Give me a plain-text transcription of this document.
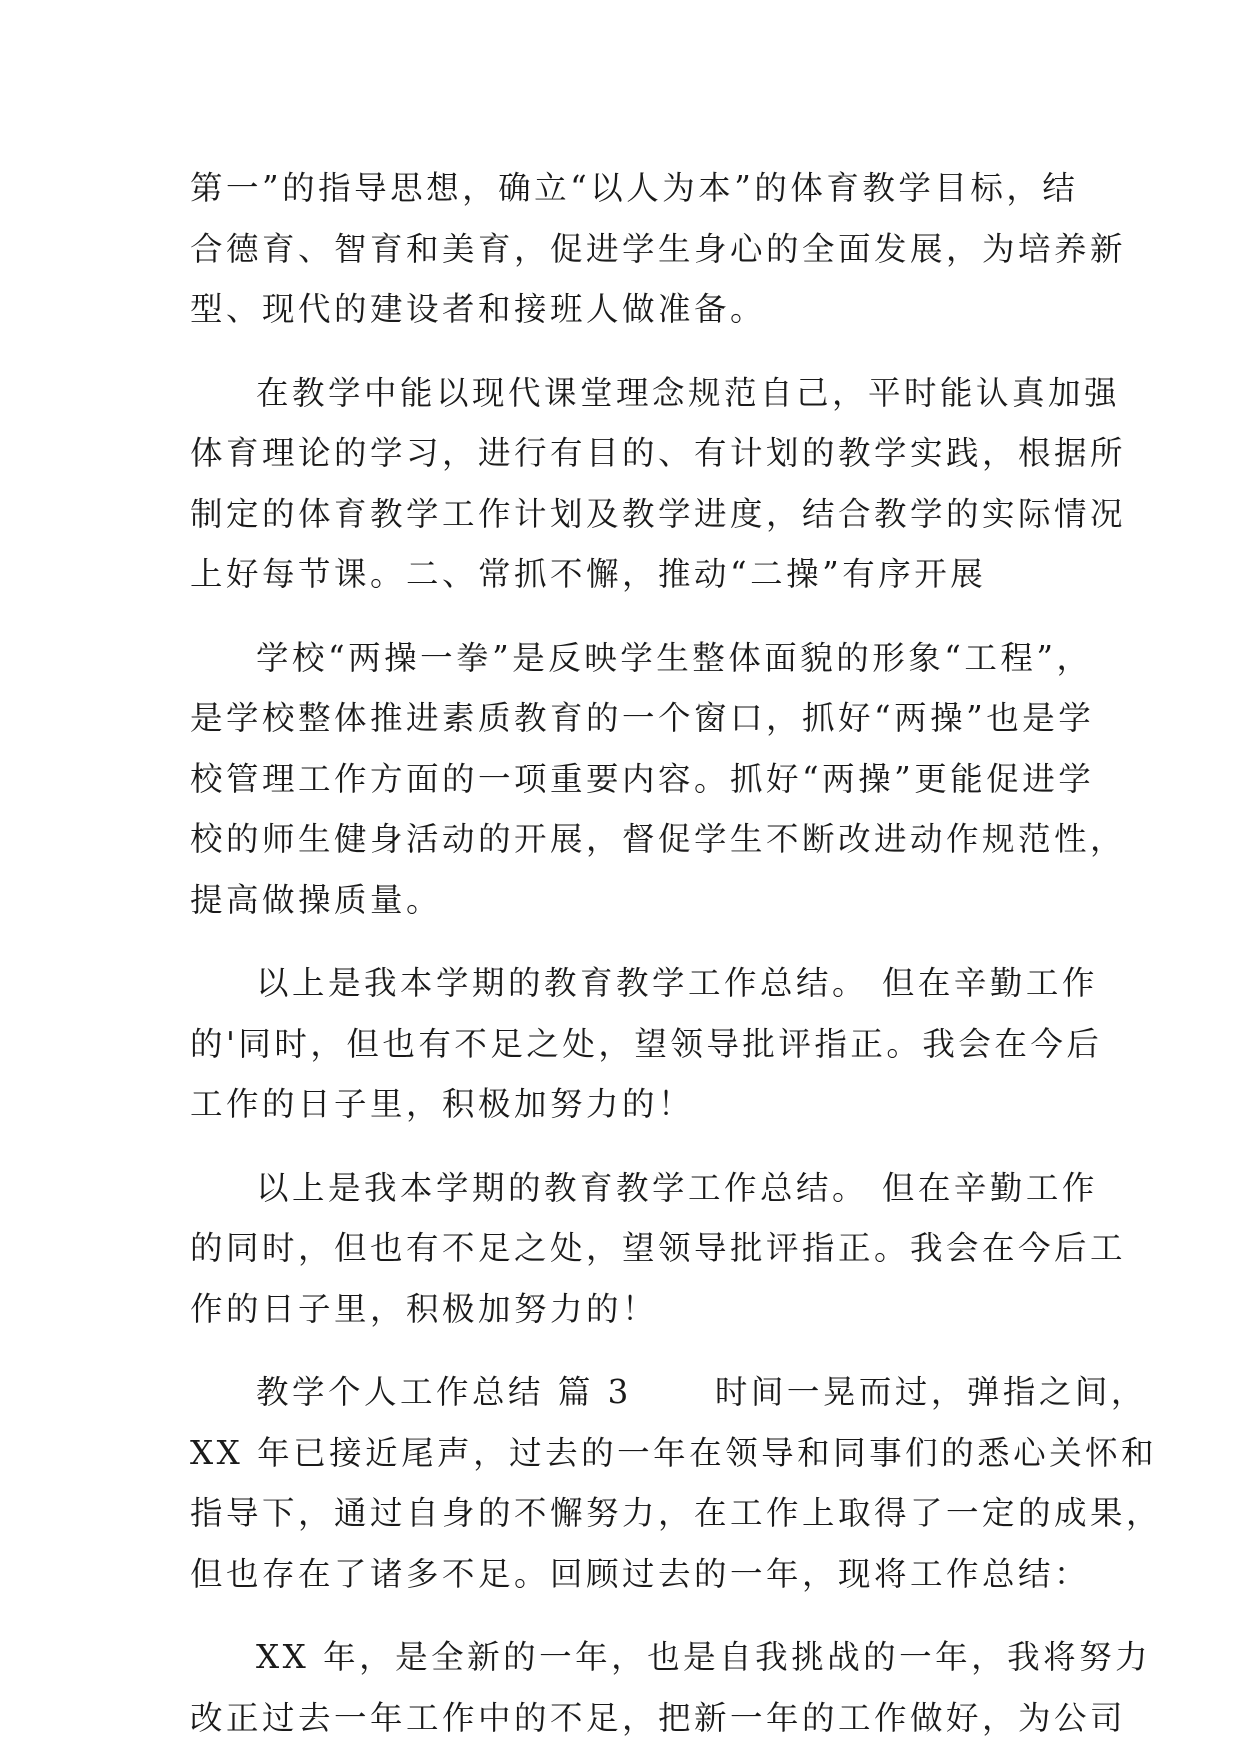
第一”的指导思想，确立“以人为本”的体育教学目标，结
合德育、智育和美育，促进学生身心的全面发展，为培养新
型、现代的建设者和接班人做准备。
在教学中能以现代课堂理念规范自己，平时能认真加强
体育理论的学习，进行有目的、有计划的教学实践，根据所
制定的体育教学工作计划及教学进度，结合教学的实际情况
上好每节课。二、常抓不懈，推动“二操”有序开展
学校“两操一拳”是反映学生整体面貌的形象“工程”，
是学校整体推进素质教育的一个窗口，抓好“两操”也是学
校管理工作方面的一项重要内容。抓好“两操”更能促进学
校的师生健身活动的开展，督促学生不断改进动作规范性，
提高做操质量。
以上是我本学期的教育教学工作总结。 但在辛勤工作
的'同时，但也有不足之处，望领导批评指正。我会在今后
工作的日子里，积极加努力的！
以上是我本学期的教育教学工作总结。 但在辛勤工作
的同时，但也有不足之处，望领导批评指正。我会在今后工
作的日子里，积极加努力的！
教学个人工作总结 篇 3      时间一晃而过，弹指之间，
XX 年已接近尾声，过去的一年在领导和同事们的悉心关怀和
指导下，通过自身的不懈努力，在工作上取得了一定的成果，
但也存在了诸多不足。回顾过去的一年，现将工作总结：
XX 年，是全新的一年，也是自我挑战的一年，我将努力
改正过去一年工作中的不足，把新一年的工作做好，为公司
